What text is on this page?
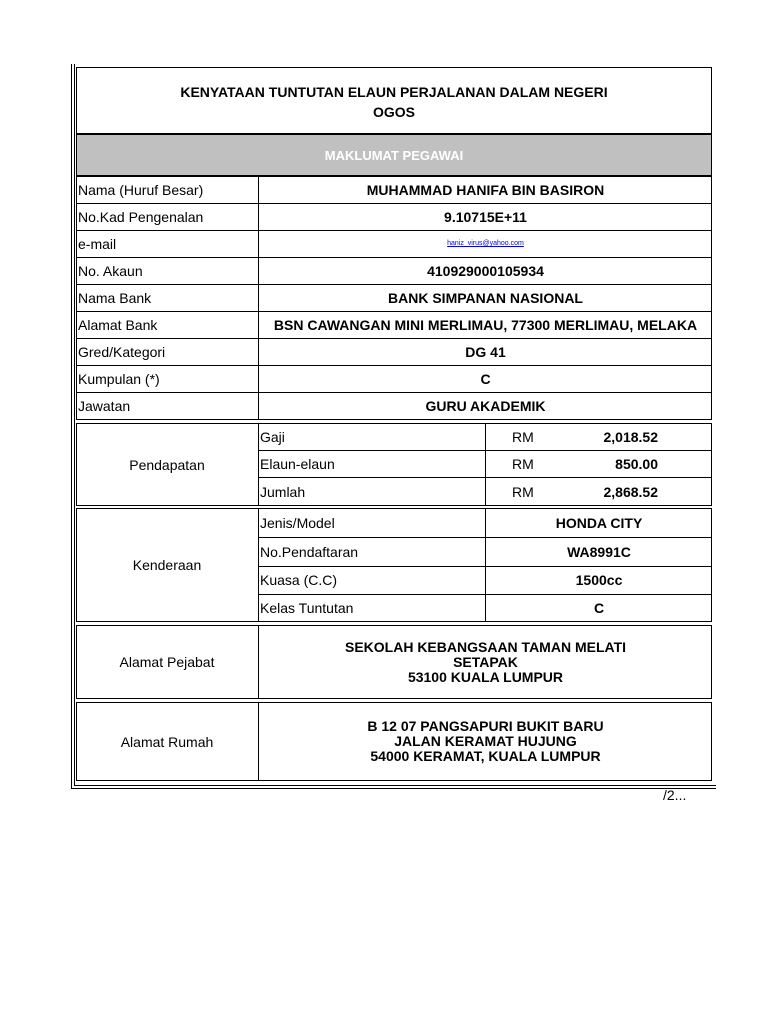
KENYATAAN TUNTUTAN ELAUN PERJALANAN DALAM NEGERI
OGOS
MAKLUMAT PEGAWAI
Nama (Huruf Besar)	MUHAMMAD HANIFA BIN BASIRON
No.Kad Pengenalan	9.10715E+11
e-mail	haniz_virus@yahoo.com
No. Akaun	410929000105934
Nama Bank	BANK SIMPANAN NASIONAL
Alamat Bank	BSN CAWANGAN MINI MERLIMAU, 77300 MERLIMAU, MELAKA
Gred/Kategori	DG 41
Kumpulan (*)	C
Jawatan	GURU AKADEMIK
Pendapatan
Gaji	RM	2,018.52
Elaun-elaun	RM	850.00
Jumlah	RM	2,868.52
Kenderaan
Jenis/Model	HONDA CITY
No.Pendaftaran	WA8991C
Kuasa (C.C)	1500cc
Kelas Tuntutan	C
Alamat Pejabat
SEKOLAH KEBANGSAAN TAMAN MELATI
SETAPAK
53100 KUALA LUMPUR
Alamat Rumah
B 12 07 PANGSAPURI BUKIT BARU
JALAN KERAMAT HUJUNG
54000 KERAMAT, KUALA LUMPUR
/2...
